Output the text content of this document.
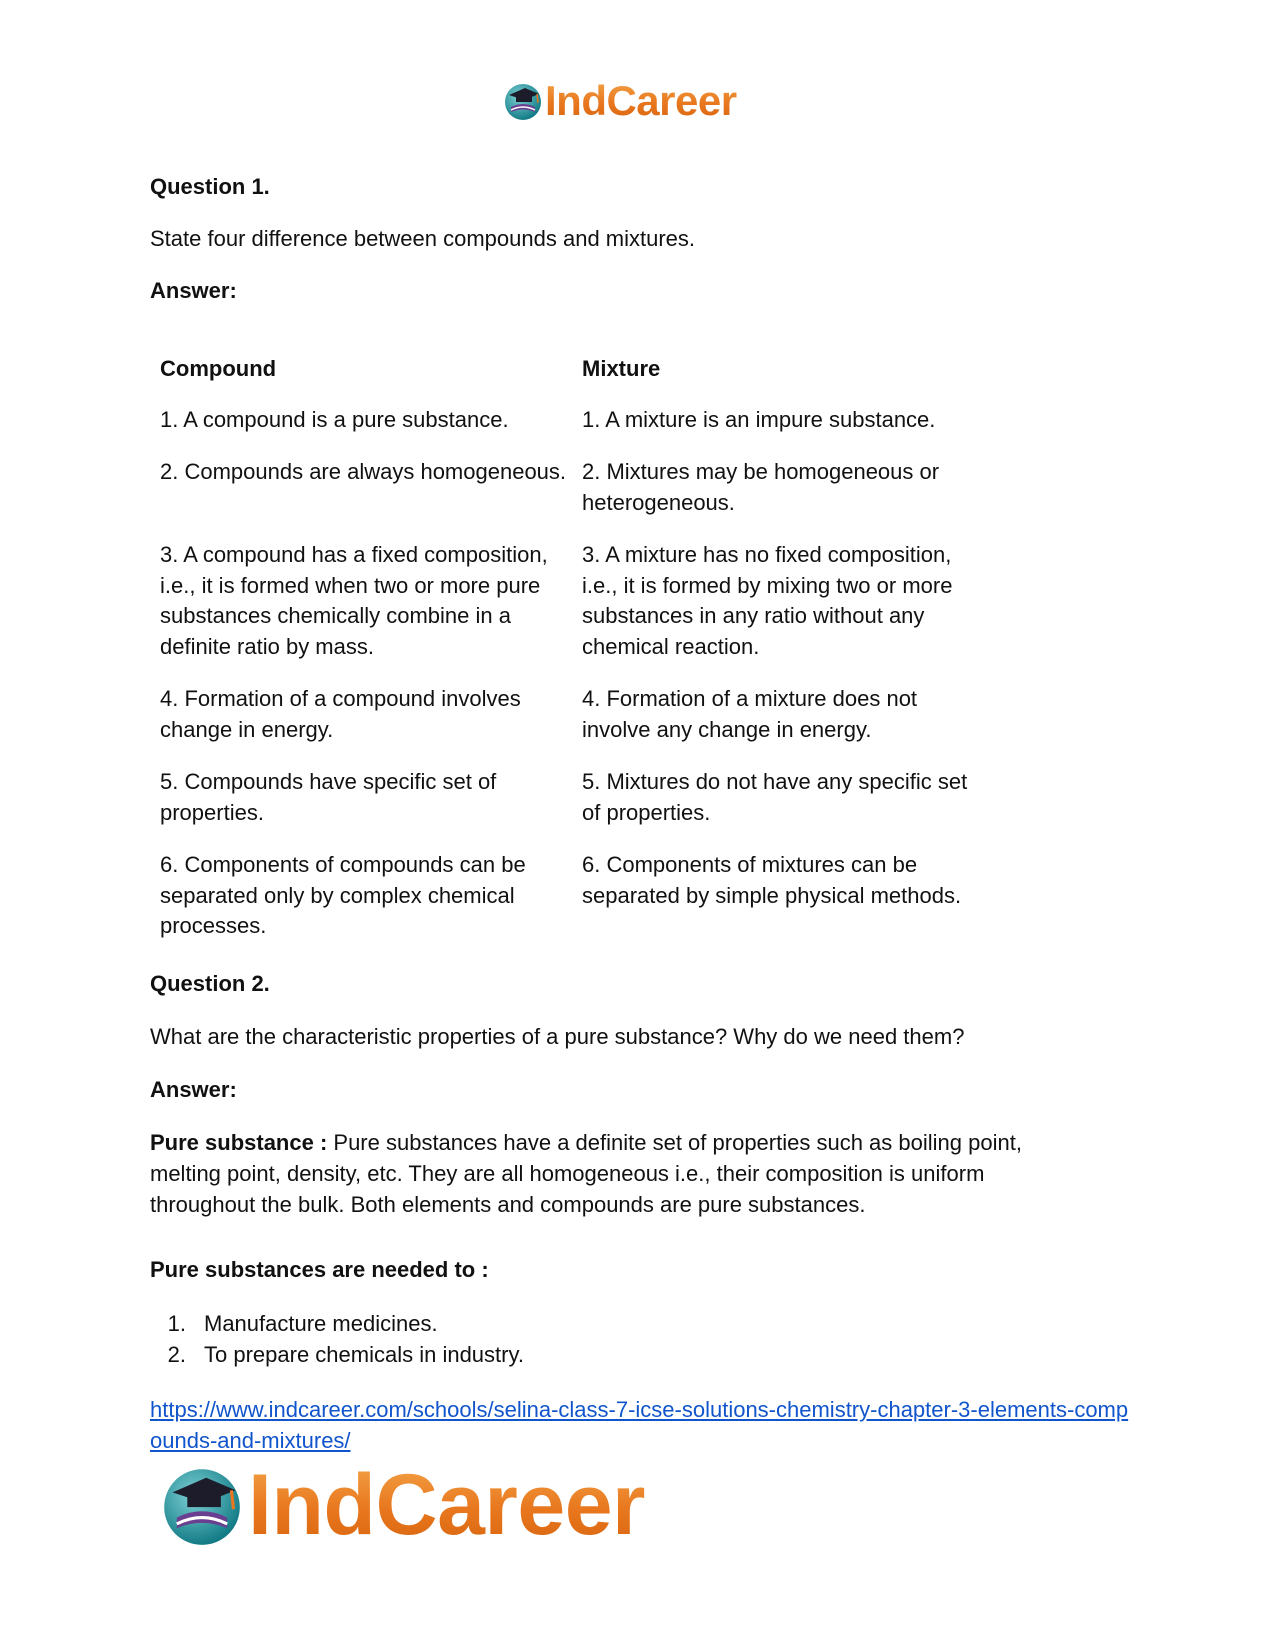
IndCareer
Question 1.
State four difference between compounds and mixtures.
Answer:
Compound	Mixture
1. A compound is a pure substance.	1. A mixture is an impure substance.
2. Compounds are always homogeneous. 2. Mixtures may be homogeneous or heterogeneous.
3. A compound has a fixed composition, i.e., it is formed when two or more pure substances chemically combine in a definite ratio by mass.
3. A mixture has no fixed composition, i.e., it is formed by mixing two or more substances in any ratio without any chemical reaction.
4. Formation of a compound involves change in energy.
4. Formation of a mixture does not involve any change in energy.
5. Compounds have specific set of properties.
5. Mixtures do not have any specific set of properties.
6. Components of compounds can be separated only by complex chemical processes.
6. Components of mixtures can be separated by simple physical methods.
Question 2.
What are the characteristic properties of a pure substance? Why do we need them?
Answer:
Pure substance : Pure substances have a definite set of properties such as boiling point, melting point, density, etc. They are all homogeneous i.e., their composition is uniform throughout the bulk. Both elements and compounds are pure substances.
Pure substances are needed to :
1. Manufacture medicines.
2. To prepare chemicals in industry.
https://www.indcareer.com/schools/selina-class-7-icse-solutions-chemistry-chapter-3-elements-compounds-and-mixtures/
IndCareer
